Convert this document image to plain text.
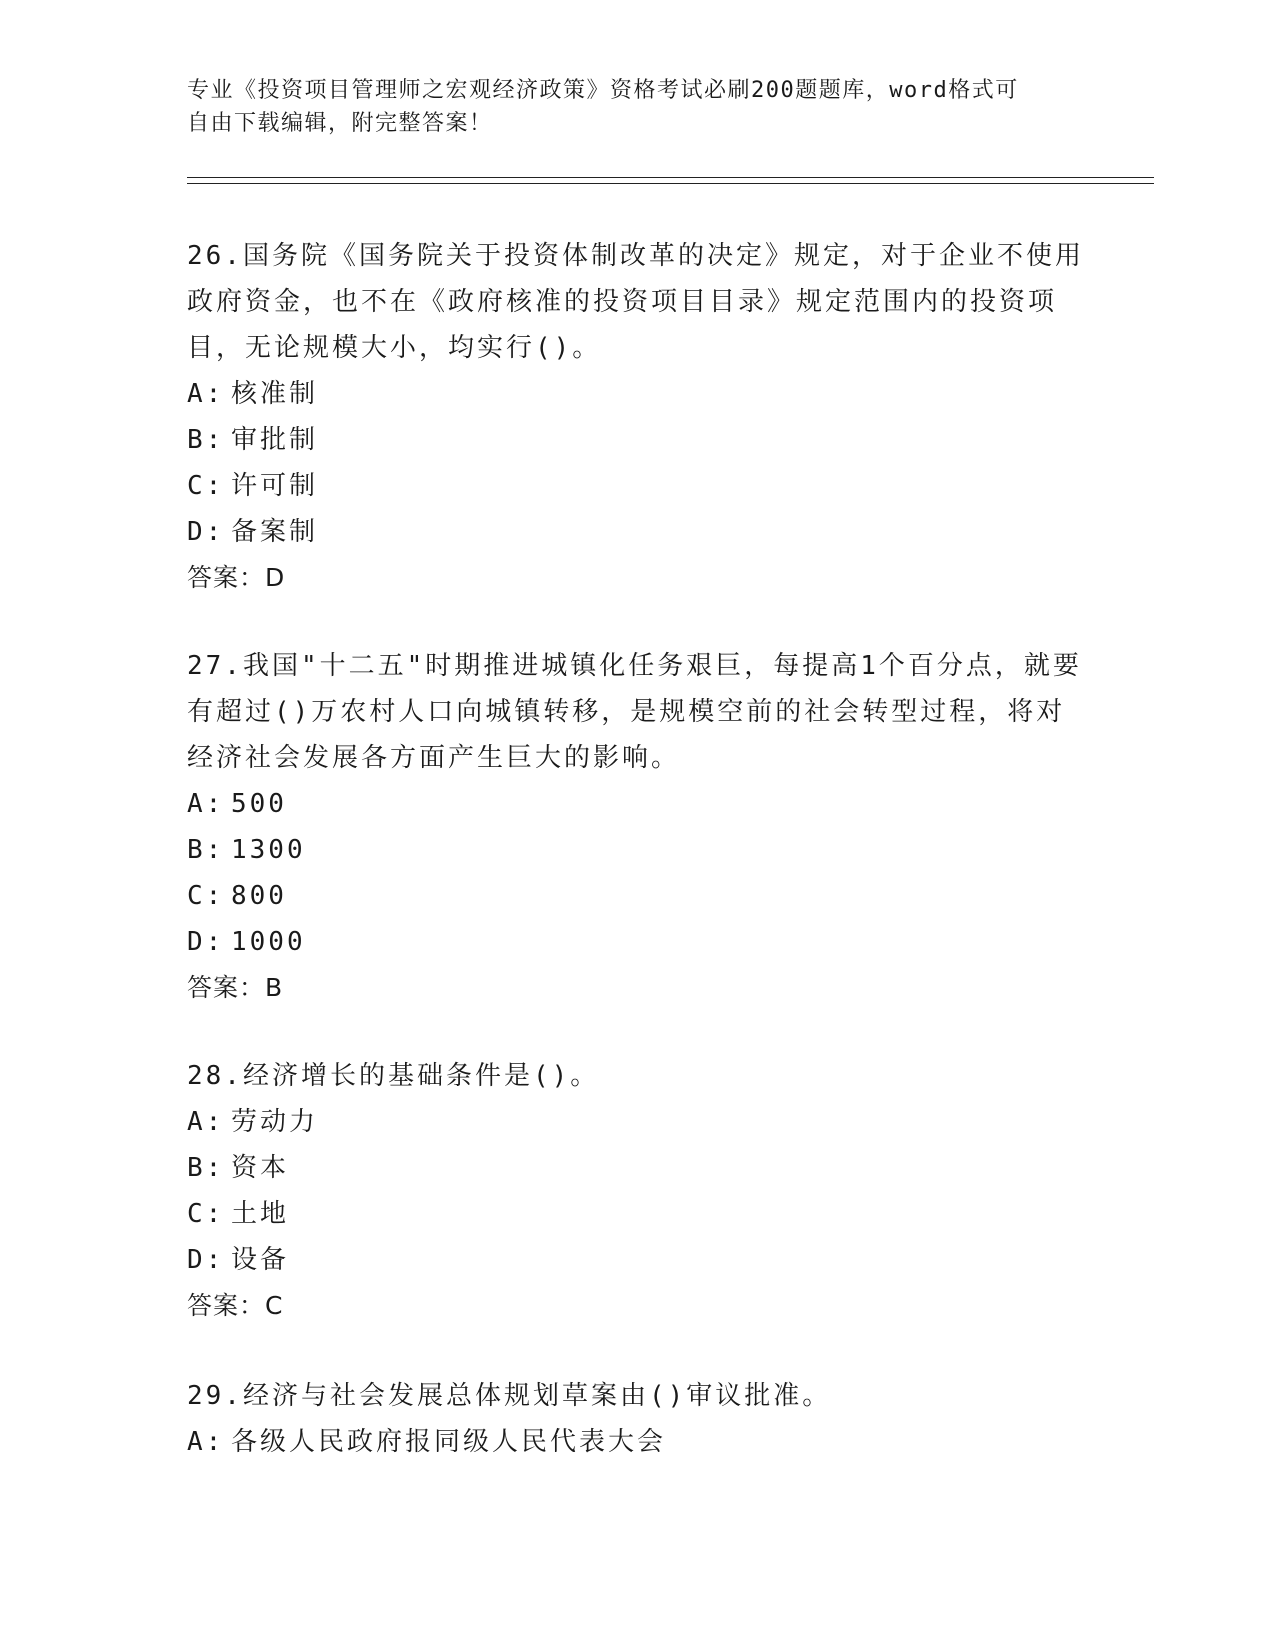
专业《投资项目管理师之宏观经济政策》资格考试必刷200题题库，word格式可
自由下载编辑，附完整答案！
26.国务院《国务院关于投资体制改革的决定》规定，对于企业不使用政府资金，也不在《政府核准的投资项目目录》规定范围内的投资项目，无论规模大小，均实行()。
A: 核准制
B: 审批制
C: 许可制
D: 备案制
答案：D
27.我国"十二五"时期推进城镇化任务艰巨，每提高1个百分点，就要有超过()万农村人口向城镇转移，是规模空前的社会转型过程，将对经济社会发展各方面产生巨大的影响。
A: 500
B: 1300
C: 800
D: 1000
答案：B
28.经济增长的基础条件是()。
A: 劳动力
B: 资本
C: 土地
D: 设备
答案：C
29.经济与社会发展总体规划草案由()审议批准。
A: 各级人民政府报同级人民代表大会
